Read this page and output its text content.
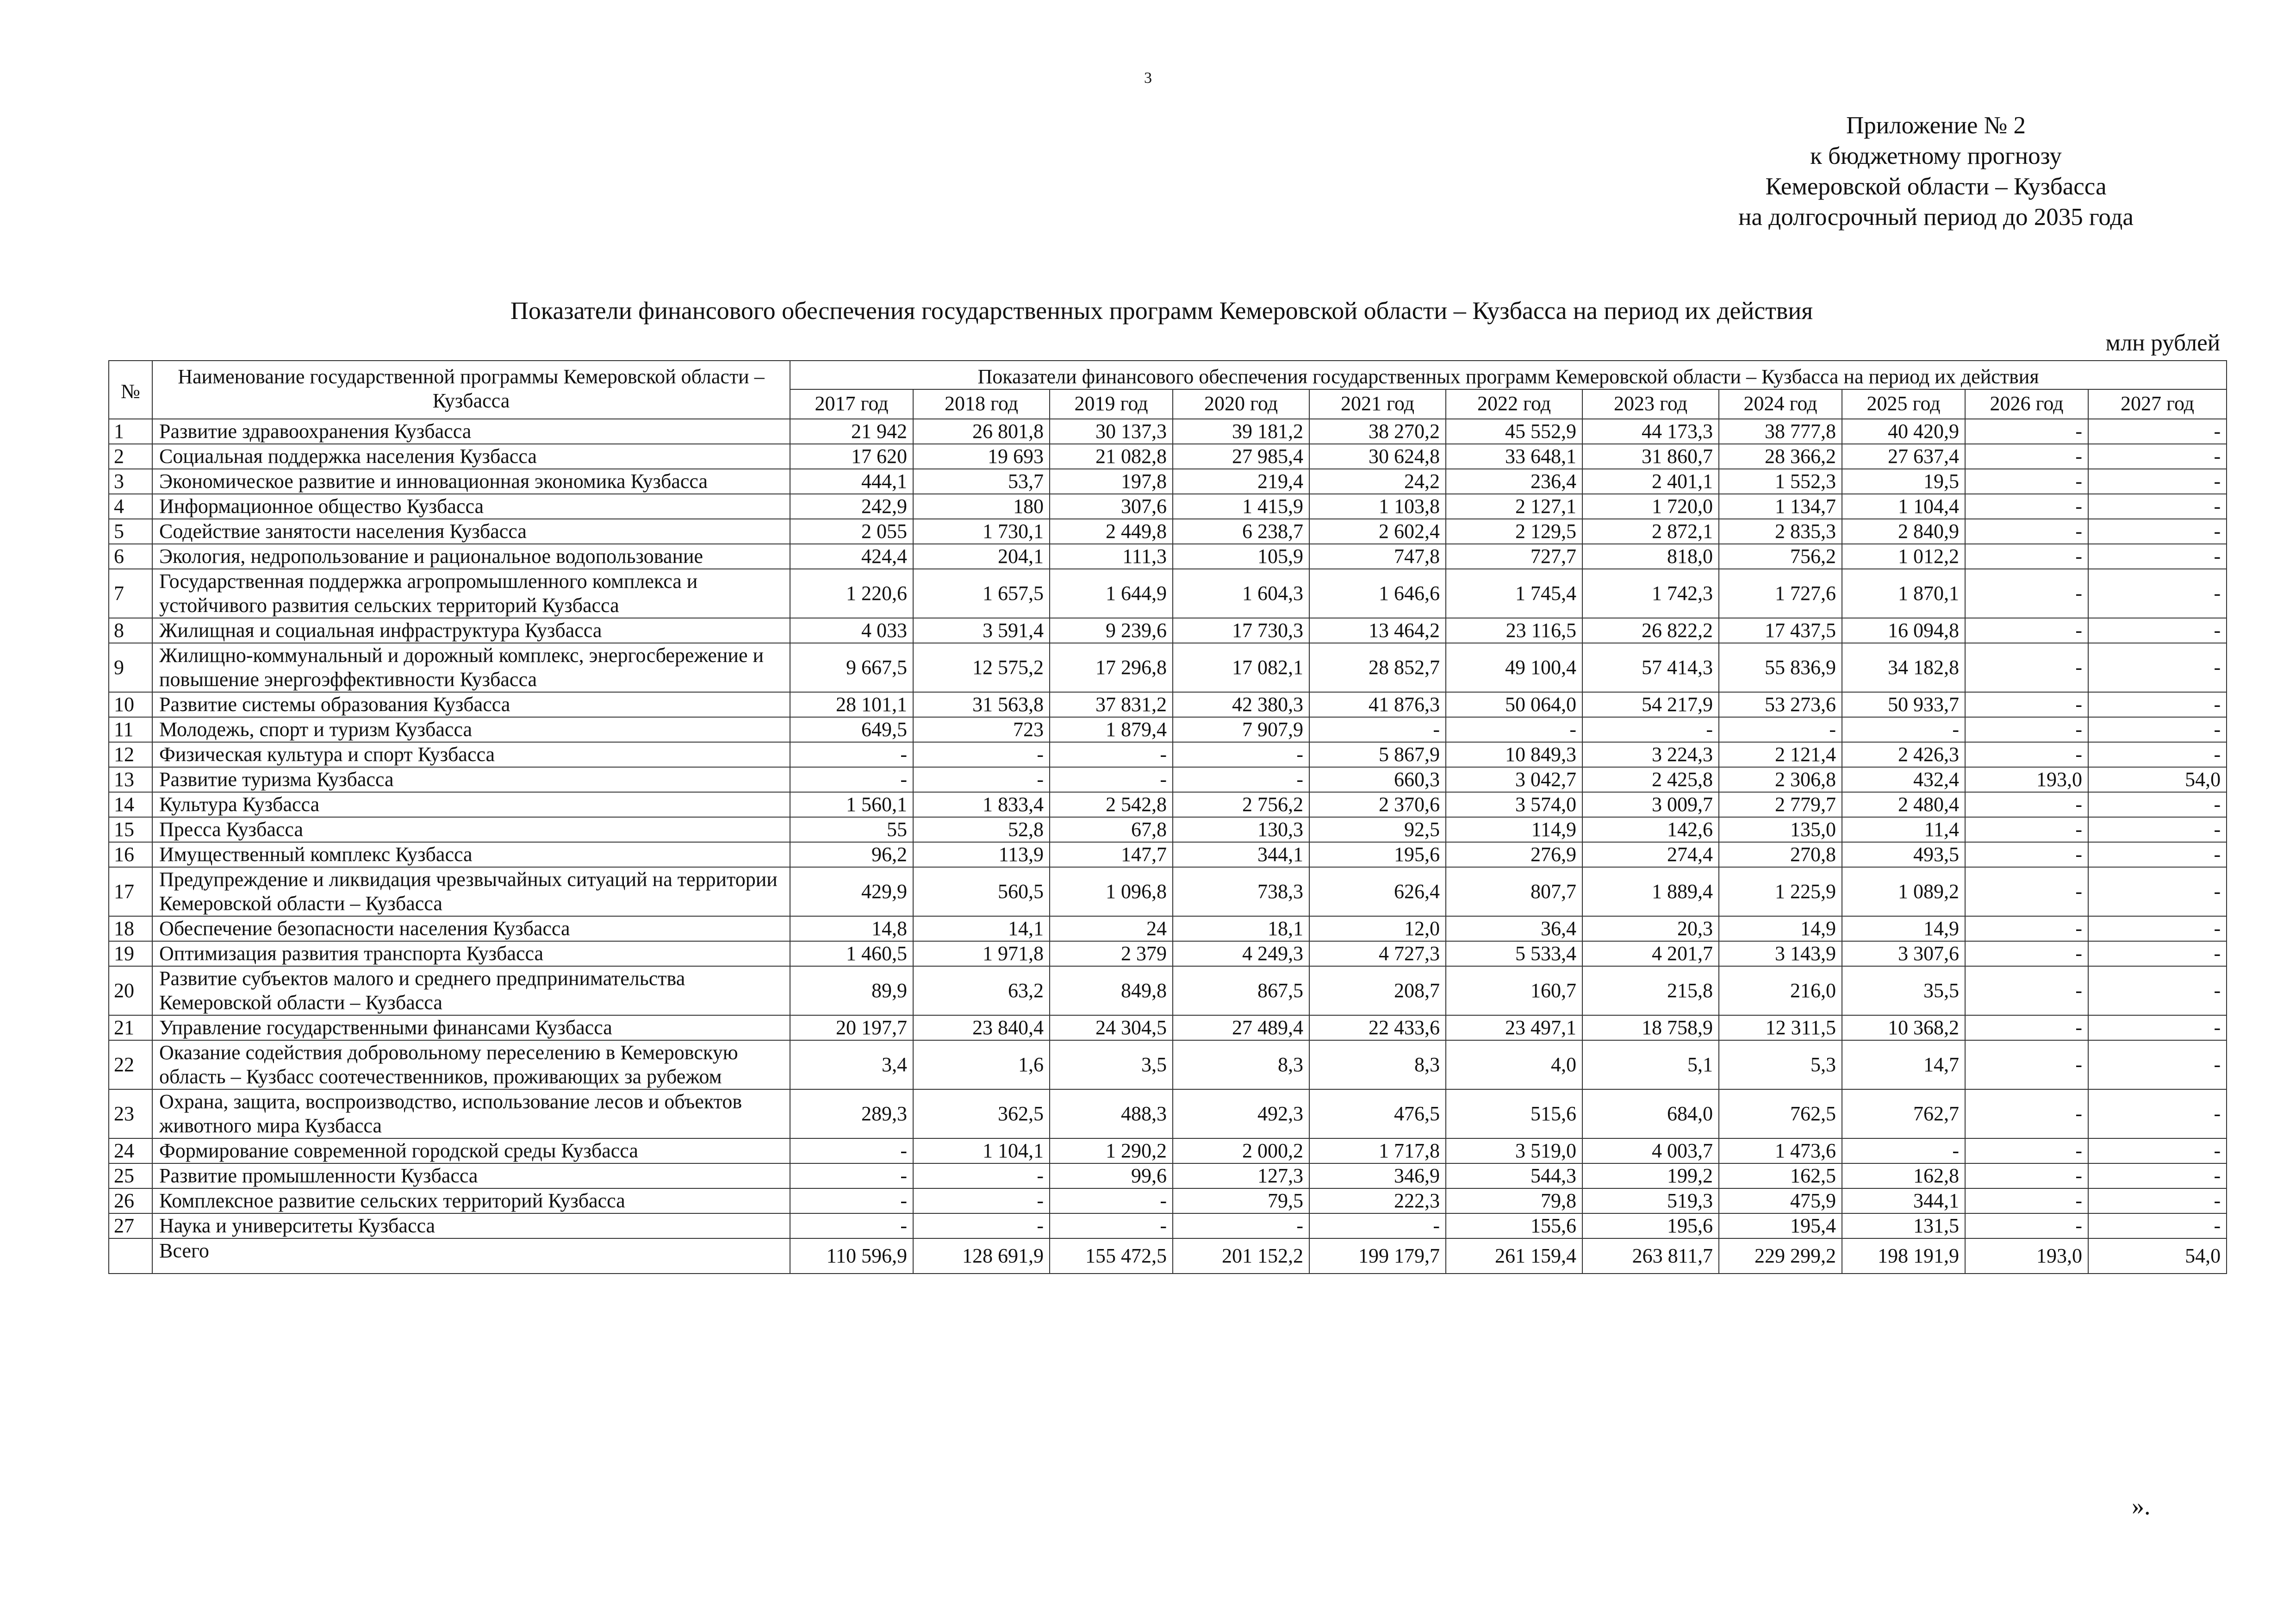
3
Приложение № 2
к бюджетному прогнозу
Кемеровской области – Кузбасса
на долгосрочный период до 2035 года
Показатели финансового обеспечения государственных программ Кемеровской области – Кузбасса на период их действия
млн рублей
№	Наименование государственной программы Кемеровской области – Кузбасса	Показатели финансового обеспечения государственных программ Кемеровской области – Кузбасса на период их действия										
		2017 год	2018 год	2019 год	2020 год	2021 год	2022 год	2023 год	2024 год	2025 год	2026 год	2027 год
1	Развитие здравоохранения Кузбасса	21 942	26 801,8	30 137,3	39 181,2	38 270,2	45 552,9	44 173,3	38 777,8	40 420,9	-	-
2	Социальная поддержка населения Кузбасса	17 620	19 693	21 082,8	27 985,4	30 624,8	33 648,1	31 860,7	28 366,2	27 637,4	-	-
3	Экономическое развитие и инновационная экономика Кузбасса	444,1	53,7	197,8	219,4	24,2	236,4	2 401,1	1 552,3	19,5	-	-
4	Информационное общество Кузбасса	242,9	180	307,6	1 415,9	1 103,8	2 127,1	1 720,0	1 134,7	1 104,4	-	-
5	Содействие занятости населения Кузбасса	2 055	1 730,1	2 449,8	6 238,7	2 602,4	2 129,5	2 872,1	2 835,3	2 840,9	-	-
6	Экология, недропользование и рациональное водопользование	424,4	204,1	111,3	105,9	747,8	727,7	818,0	756,2	1 012,2	-	-
7	Государственная поддержка агропромышленного комплекса и устойчивого развития сельских территорий Кузбасса	1 220,6	1 657,5	1 644,9	1 604,3	1 646,6	1 745,4	1 742,3	1 727,6	1 870,1	-	-
8	Жилищная и социальная инфраструктура Кузбасса	4 033	3 591,4	9 239,6	17 730,3	13 464,2	23 116,5	26 822,2	17 437,5	16 094,8	-	-
9	Жилищно-коммунальный и дорожный комплекс, энергосбережение и повышение энергоэффективности Кузбасса	9 667,5	12 575,2	17 296,8	17 082,1	28 852,7	49 100,4	57 414,3	55 836,9	34 182,8	-	-
10	Развитие системы образования Кузбасса	28 101,1	31 563,8	37 831,2	42 380,3	41 876,3	50 064,0	54 217,9	53 273,6	50 933,7	-	-
11	Молодежь, спорт и туризм Кузбасса	649,5	723	1 879,4	7 907,9	-	-	-	-	-	-	-
12	Физическая культура и спорт Кузбасса	-	-	-	-	5 867,9	10 849,3	3 224,3	2 121,4	2 426,3	-	-
13	Развитие туризма Кузбасса	-	-	-	-	660,3	3 042,7	2 425,8	2 306,8	432,4	193,0	54,0
14	Культура Кузбасса	1 560,1	1 833,4	2 542,8	2 756,2	2 370,6	3 574,0	3 009,7	2 779,7	2 480,4	-	-
15	Пресса Кузбасса	55	52,8	67,8	130,3	92,5	114,9	142,6	135,0	11,4	-	-
16	Имущественный комплекс Кузбасса	96,2	113,9	147,7	344,1	195,6	276,9	274,4	270,8	493,5	-	-
17	Предупреждение и ликвидация чрезвычайных ситуаций на территории Кемеровской области – Кузбасса	429,9	560,5	1 096,8	738,3	626,4	807,7	1 889,4	1 225,9	1 089,2	-	-
18	Обеспечение безопасности населения Кузбасса	14,8	14,1	24	18,1	12,0	36,4	20,3	14,9	14,9	-	-
19	Оптимизация развития транспорта Кузбасса	1 460,5	1 971,8	2 379	4 249,3	4 727,3	5 533,4	4 201,7	3 143,9	3 307,6	-	-
20	Развитие субъектов малого и среднего предпринимательства Кемеровской области – Кузбасса	89,9	63,2	849,8	867,5	208,7	160,7	215,8	216,0	35,5	-	-
21	Управление государственными финансами Кузбасса	20 197,7	23 840,4	24 304,5	27 489,4	22 433,6	23 497,1	18 758,9	12 311,5	10 368,2	-	-
22	Оказание содействия добровольному переселению в Кемеровскую область – Кузбасс соотечественников, проживающих за рубежом	3,4	1,6	3,5	8,3	8,3	4,0	5,1	5,3	14,7	-	-
23	Охрана, защита, воспроизводство, использование лесов и объектов животного мира Кузбасса	289,3	362,5	488,3	492,3	476,5	515,6	684,0	762,5	762,7	-	-
24	Формирование современной городской среды Кузбасса	-	1 104,1	1 290,2	2 000,2	1 717,8	3 519,0	4 003,7	1 473,6	-	-	-
25	Развитие промышленности Кузбасса	-	-	99,6	127,3	346,9	544,3	199,2	162,5	162,8	-	-
26	Комплексное развитие сельских территорий Кузбасса	-	-	-	79,5	222,3	79,8	519,3	475,9	344,1	-	-
27	Наука и университеты Кузбасса	-	-	-	-	-	155,6	195,6	195,4	131,5	-	-
	Всего	110 596,9	128 691,9	155 472,5	201 152,2	199 179,7	261 159,4	263 811,7	229 299,2	198 191,9	193,0	54,0
».
